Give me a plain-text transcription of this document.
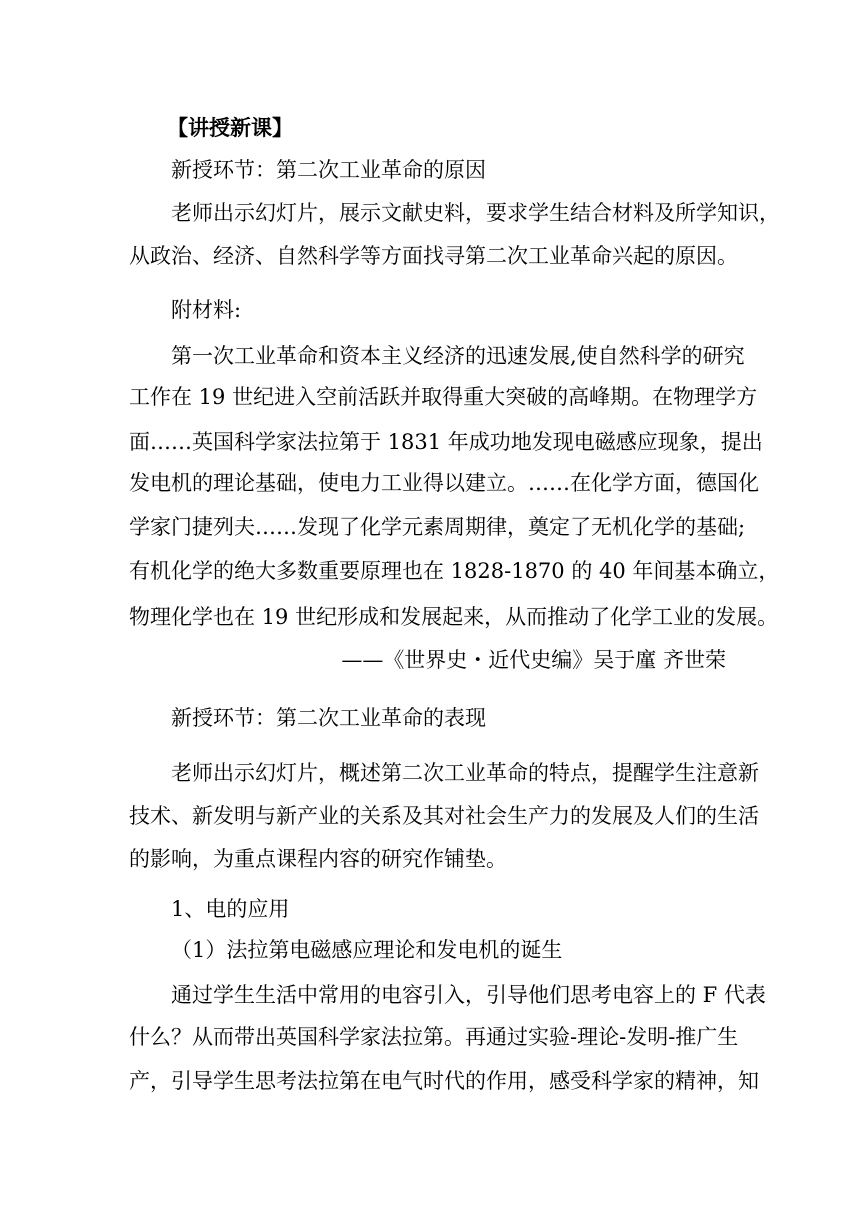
【讲授新课】
新授环节：第二次工业革命的原因
老师出示幻灯片，展示文献史料，要求学生结合材料及所学知识，
从政治、经济、自然科学等方面找寻第二次工业革命兴起的原因。
附材料:
第一次工业革命和资本主义经济的迅速发展,使自然科学的研究
工作在 19 世纪进入空前活跃并取得重大突破的高峰期。在物理学方
面……英国科学家法拉第于 1831 年成功地发现电磁感应现象，提出
发电机的理论基础，使电力工业得以建立。……在化学方面，德国化
学家门捷列夫……发现了化学元素周期律，奠定了无机化学的基础;
有机化学的绝大多数重要原理也在 1828-1870 的 40 年间基本确立，
物理化学也在 19 世纪形成和发展起来，从而推动了化学工业的发展。
——《世界史・近代史编》吴于廑 齐世荣
新授环节：第二次工业革命的表现
老师出示幻灯片，概述第二次工业革命的特点，提醒学生注意新
技术、新发明与新产业的关系及其对社会生产力的发展及人们的生活
的影响，为重点课程内容的研究作铺垫。
1、电的应用
（1）法拉第电磁感应理论和发电机的诞生
通过学生生活中常用的电容引入，引导他们思考电容上的 F 代表
什么？从而带出英国科学家法拉第。再通过实验-理论-发明-推广生
产，引导学生思考法拉第在电气时代的作用，感受科学家的精神，知
